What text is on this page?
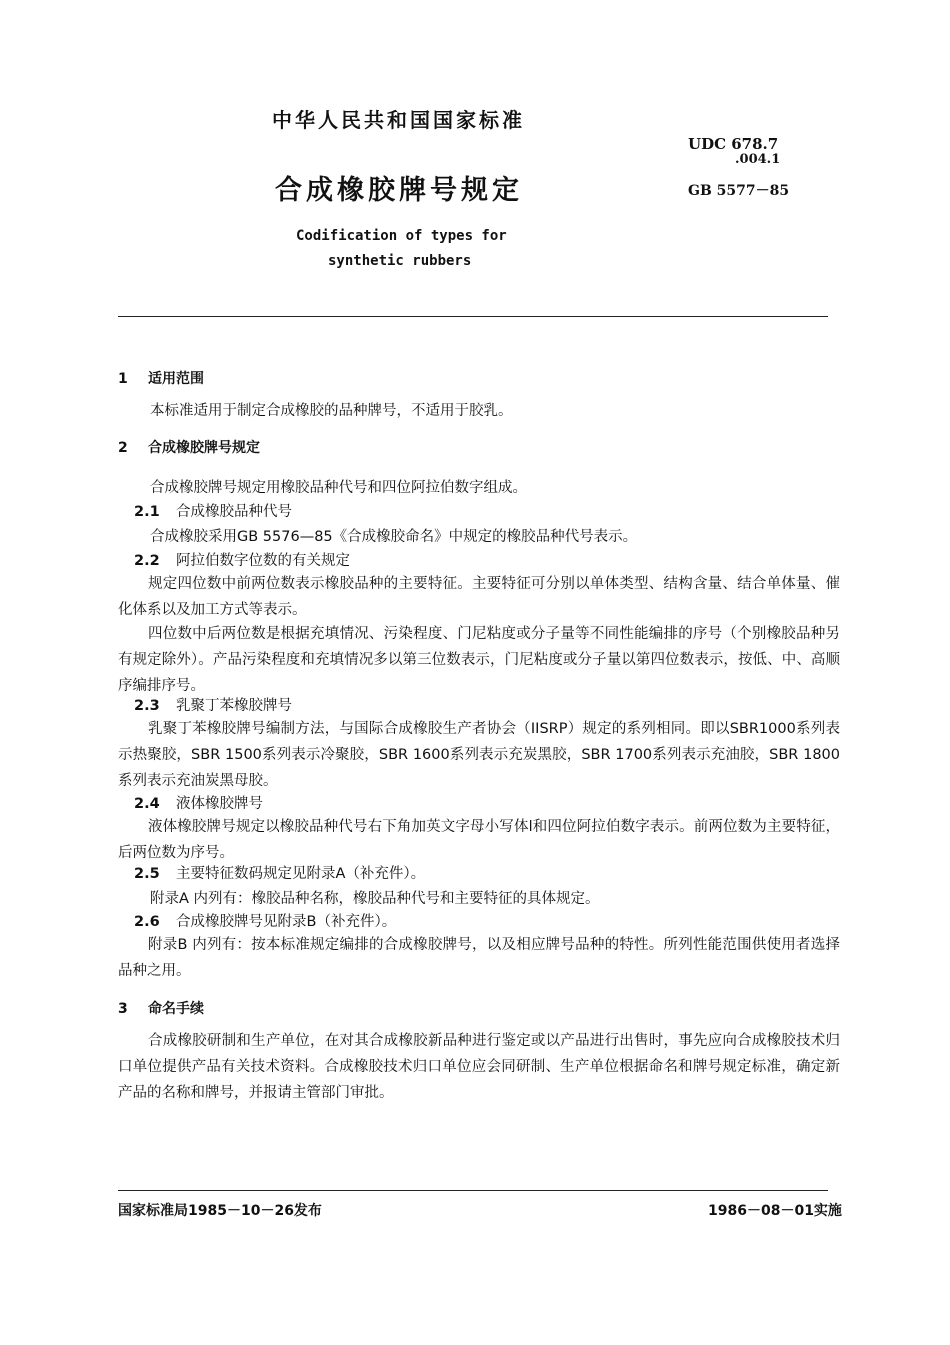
中华人民共和国国家标准
UDC 678.7
.004.1
合成橡胶牌号规定	GB 5577－85
Codification of types for
synthetic rubbers
1 适用范围
本标准适用于制定合成橡胶的品种牌号，不适用于胶乳。
2 合成橡胶牌号规定
合成橡胶牌号规定用橡胶品种代号和四位阿拉伯数字组成。
2.1 合成橡胶品种代号
合成橡胶采用GB 5576—85《合成橡胶命名》中规定的橡胶品种代号表示。
2.2 阿拉伯数字位数的有关规定

规定四位数中前两位数表示橡胶品种的主要特征。主要特征可分别以单体类型、结构含量、结合单体量、催化体系以及加工方式等表示。

四位数中后两位数是根据充填情况、污染程度、门尼粘度或分子量等不同性能编排的序号（个别橡胶品种另有规定除外）。产品污染程度和充填情况多以第三位数表示，门尼粘度或分子量以第四位数表示，按低、中、高顺序编排序号。

2.3 乳聚丁苯橡胶牌号

乳聚丁苯橡胶牌号编制方法，与国际合成橡胶生产者协会（IISRP）规定的系列相同。即以SBR1000系列表示热聚胶，SBR 1500系列表示冷聚胶，SBR 1600系列表示充炭黑胶，SBR 1700系列表示充油胶，SBR 1800系列表示充油炭黑母胶。

2.4 液体橡胶牌号

液体橡胶牌号规定以橡胶品种代号右下角加英文字母小写体l和四位阿拉伯数字表示。前两位数为主要特征，后两位数为序号。

2.5 主要特征数码规定见附录A（补充件）。
附录A 内列有：橡胶品种名称，橡胶品种代号和主要特征的具体规定。
2.6 合成橡胶牌号见附录B（补充件）。

附录B 内列有：按本标准规定编排的合成橡胶牌号，以及相应牌号品种的特性。所列性能范围供使用者选择品种之用。

3 命名手续

合成橡胶研制和生产单位，在对其合成橡胶新品种进行鉴定或以产品进行出售时，事先应向合成橡胶技术归口单位提供产品有关技术资料。合成橡胶技术归口单位应会同研制、生产单位根据命名和牌号规定标准，确定新产品的名称和牌号，并报请主管部门审批。

国家标准局1985－10－26发布	1986－08－01实施
